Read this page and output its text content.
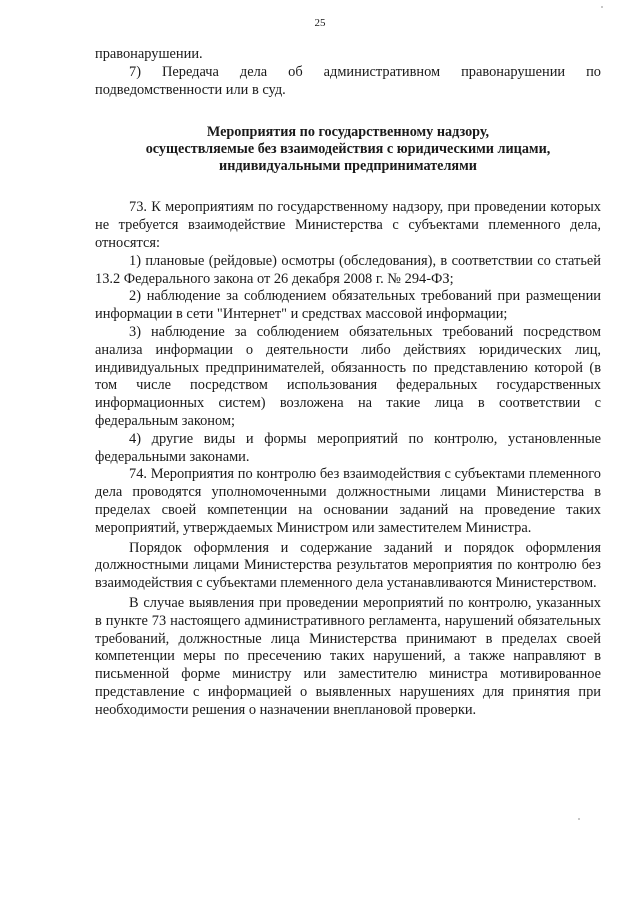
25

правонарушении.

7) Передача дела об административном правонарушении по подведомственности или в суд.

Мероприятия по государственному надзору,
осуществляемые без взаимодействия с юридическими лицами,
индивидуальными предпринимателями

73. К мероприятиям по государственному надзору, при проведении которых не требуется взаимодействие Министерства с субъектами племенного дела, относятся:

1) плановые (рейдовые) осмотры (обследования), в соответствии со статьей 13.2 Федерального закона от 26 декабря 2008 г. № 294-ФЗ;

2) наблюдение за соблюдением обязательных требований при размещении информации в сети "Интернет" и средствах массовой информации;

3) наблюдение за соблюдением обязательных требований посредством анализа информации о деятельности либо действиях юридических лиц, индивидуальных предпринимателей, обязанность по представлению которой (в том числе посредством использования федеральных государственных информационных систем) возложена на такие лица в соответствии с федеральным законом;

4) другие виды и формы мероприятий по контролю, установленные федеральными законами.

74. Мероприятия по контролю без взаимодействия с субъектами племенного дела проводятся уполномоченными должностными лицами Министерства в пределах своей компетенции на основании заданий на проведение таких мероприятий, утверждаемых Министром или заместителем Министра.

Порядок оформления и содержание заданий и порядок оформления должностными лицами Министерства результатов мероприятия по контролю без взаимодействия с субъектами племенного дела устанавливаются Министерством.

В случае выявления при проведении мероприятий по контролю, указанных в пункте 73 настоящего административного регламента, нарушений обязательных требований, должностные лица Министерства принимают в пределах своей компетенции меры по пресечению таких нарушений, а также направляют в письменной форме министру или заместителю министра мотивированное представление с информацией о выявленных нарушениях для принятия при необходимости решения о назначении внеплановой проверки.
